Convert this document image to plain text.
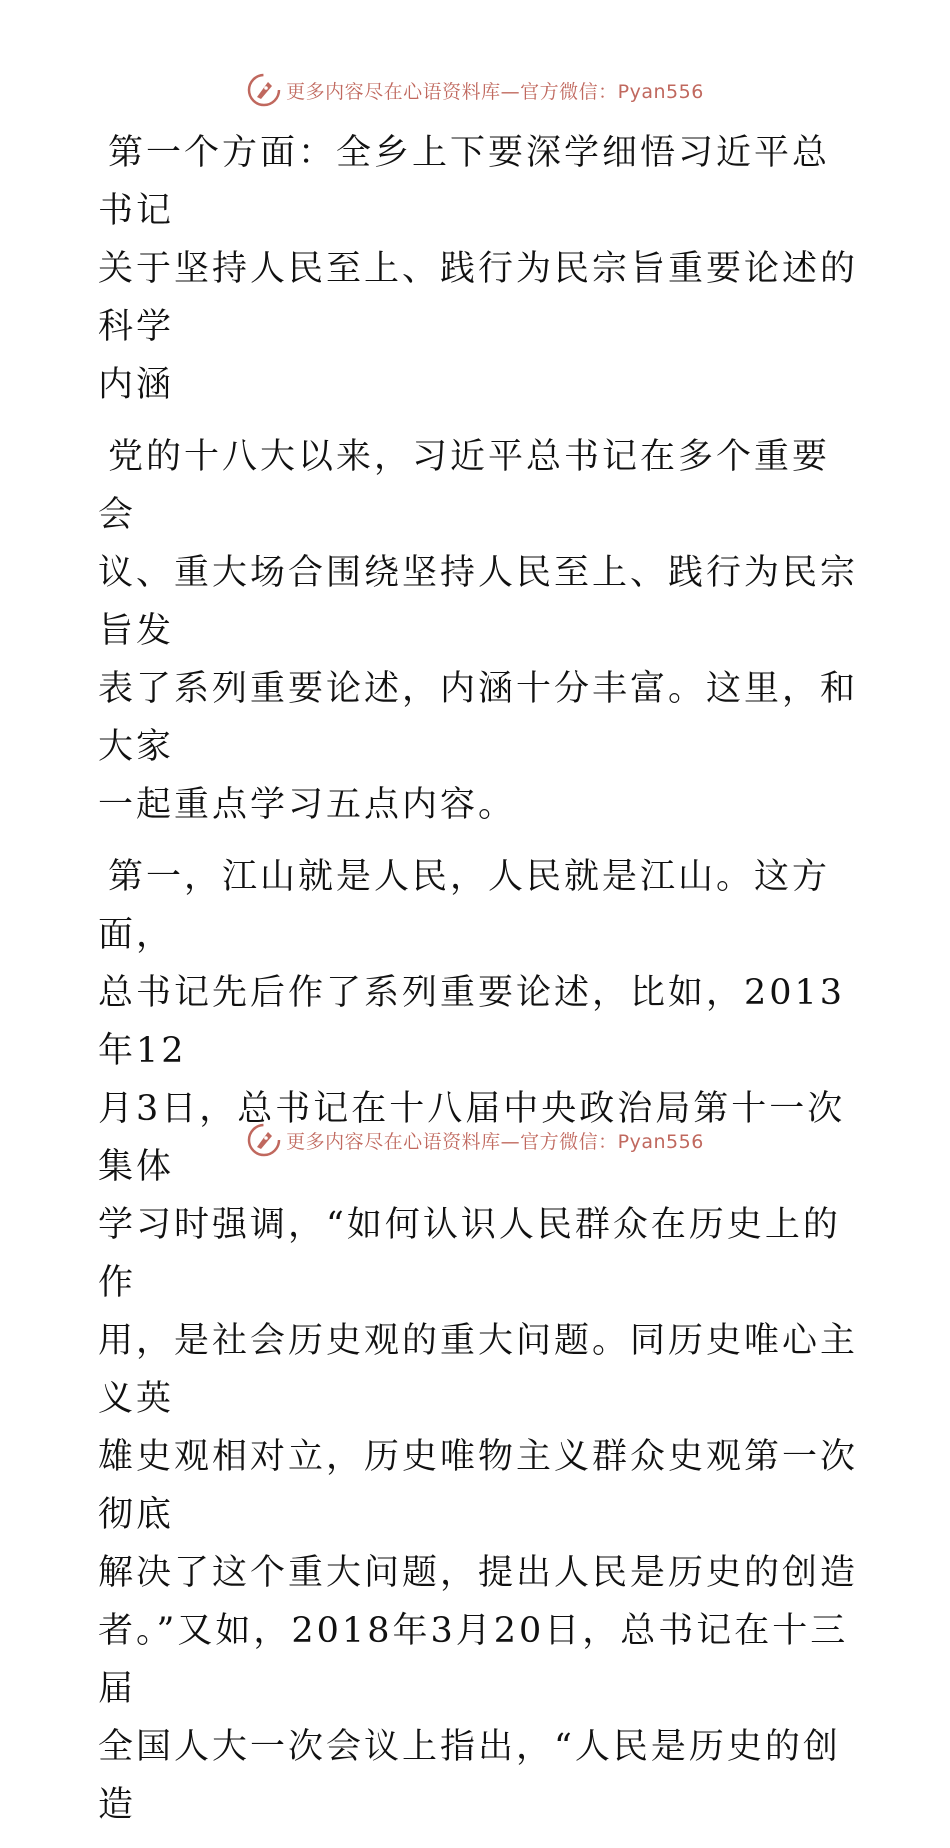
更多内容尽在心语资料库—官方微信：Pyan556

第一个方面：全乡上下要深学细悟习近平总书记
关于坚持人民至上、践行为民宗旨重要论述的科学
内涵

党的十八大以来，习近平总书记在多个重要会
议、重大场合围绕坚持人民至上、践行为民宗旨发
表了系列重要论述，内涵十分丰富。这里，和大家
一起重点学习五点内容。

第一，江山就是人民，人民就是江山。这方面，
总书记先后作了系列重要论述，比如，2013年12
月3日，总书记在十八届中央政治局第十一次集体
学习时强调，“如何认识人民群众在历史上的作
用，是社会历史观的重大问题。同历史唯心主义英
雄史观相对立，历史唯物主义群众史观第一次彻底
解决了这个重大问题，提出人民是历史的创造
者。”又如，2018年3月20日，总书记在十三届
全国人大一次会议上指出，“人民是历史的创造

更多内容尽在心语资料库—官方微信：Pyan556
